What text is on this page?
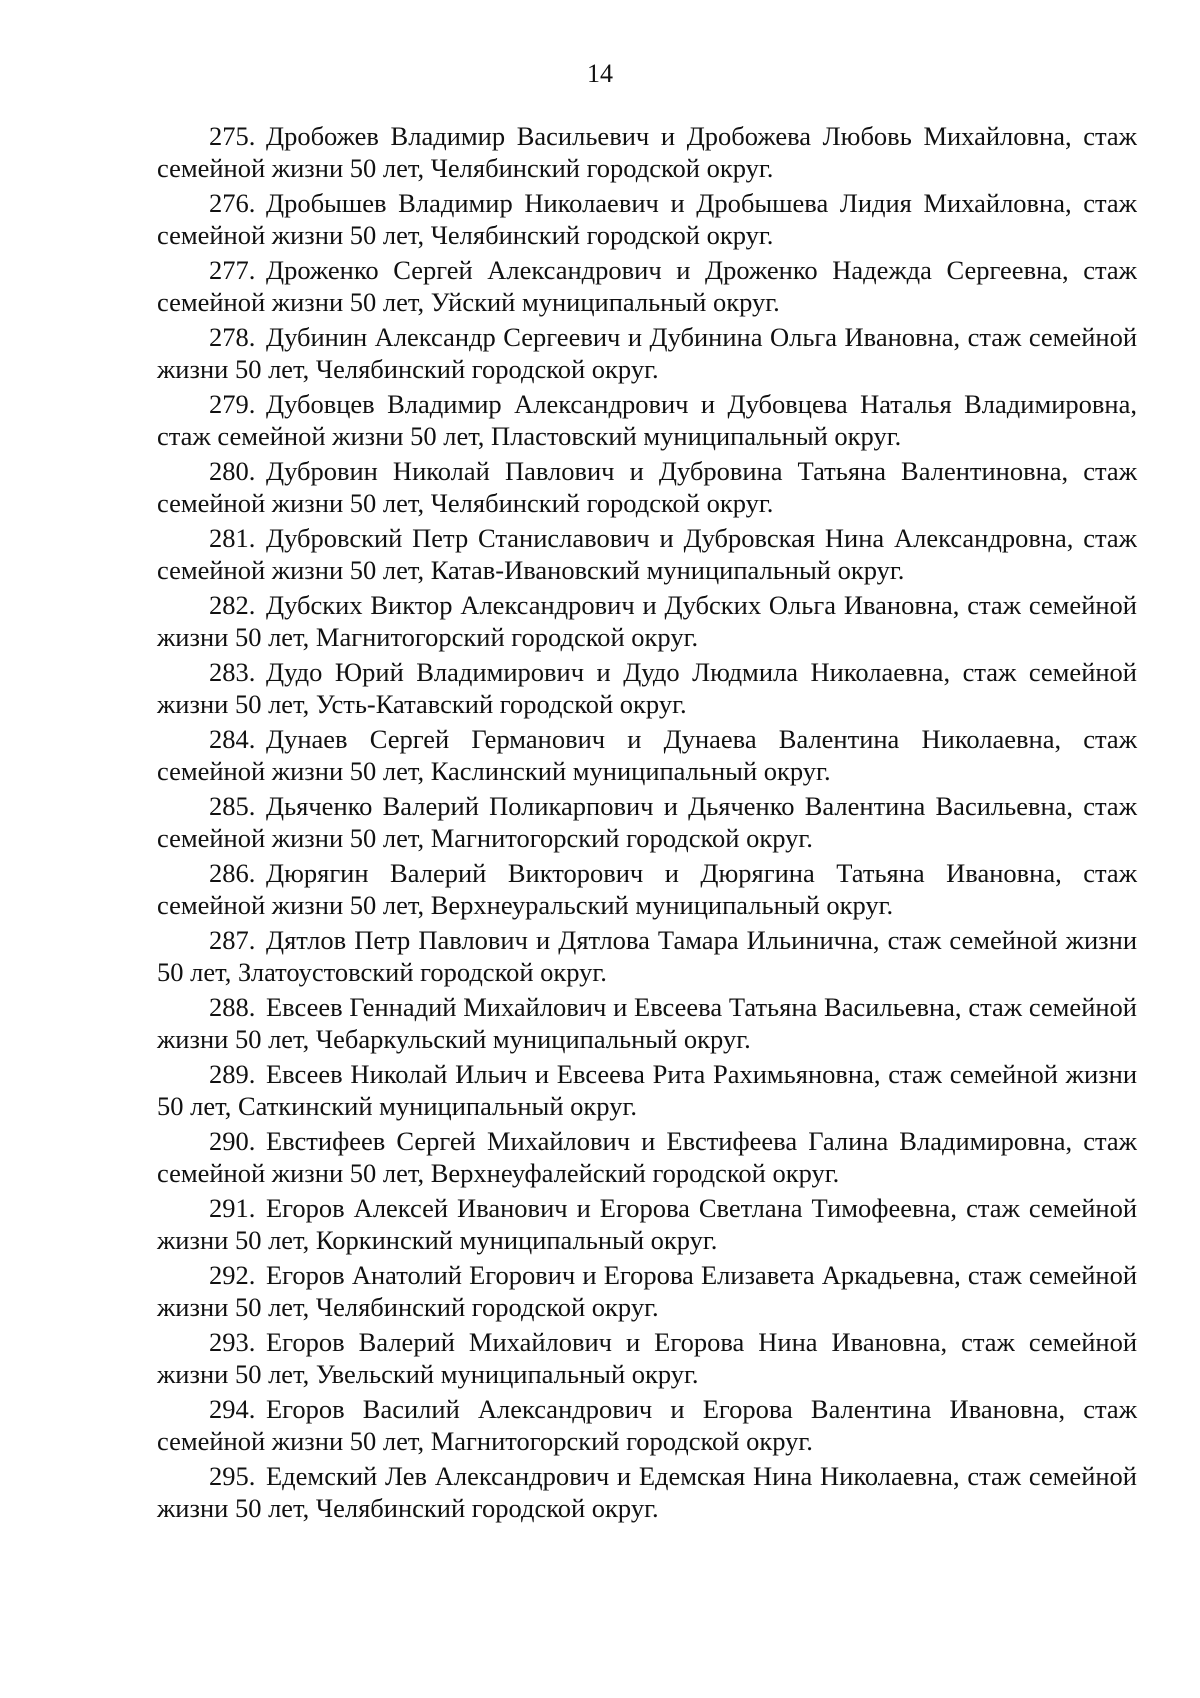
14

275. Дробожев Владимир Васильевич и Дробожева Любовь Михайловна, стаж семейной жизни 50 лет, Челябинский городской округ.

276. Дробышев Владимир Николаевич и Дробышева Лидия Михайловна, стаж семейной жизни 50 лет, Челябинский городской округ.

277. Дроженко Сергей Александрович и Дроженко Надежда Сергеевна, стаж семейной жизни 50 лет, Уйский муниципальный округ.

278. Дубинин Александр Сергеевич и Дубинина Ольга Ивановна, стаж семейной жизни 50 лет, Челябинский городской округ.

279. Дубовцев Владимир Александрович и Дубовцева Наталья Владимировна, стаж семейной жизни 50 лет, Пластовский муниципальный округ.

280. Дубровин Николай Павлович и Дубровина Татьяна Валентиновна, стаж семейной жизни 50 лет, Челябинский городской округ.

281. Дубровский Петр Станиславович и Дубровская Нина Александровна, стаж семейной жизни 50 лет, Катав-Ивановский муниципальный округ.

282. Дубских Виктор Александрович и Дубских Ольга Ивановна, стаж семейной жизни 50 лет, Магнитогорский городской округ.

283. Дудо Юрий Владимирович и Дудо Людмила Николаевна, стаж семейной жизни 50 лет, Усть-Катавский городской округ.

284. Дунаев Сергей Германович и Дунаева Валентина Николаевна, стаж семейной жизни 50 лет, Каслинский муниципальный округ.

285. Дьяченко Валерий Поликарпович и Дьяченко Валентина Васильевна, стаж семейной жизни 50 лет, Магнитогорский городской округ.

286. Дюрягин Валерий Викторович и Дюрягина Татьяна Ивановна, стаж семейной жизни 50 лет, Верхнеуральский муниципальный округ.

287. Дятлов Петр Павлович и Дятлова Тамара Ильинична, стаж семейной жизни 50 лет, Златоустовский городской округ.

288. Евсеев Геннадий Михайлович и Евсеева Татьяна Васильевна, стаж семейной жизни 50 лет, Чебаркульский муниципальный округ.

289. Евсеев Николай Ильич и Евсеева Рита Рахимьяновна, стаж семейной жизни 50 лет, Саткинский муниципальный округ.

290. Евстифеев Сергей Михайлович и Евстифеева Галина Владимировна, стаж семейной жизни 50 лет, Верхнеуфалейский городской округ.

291. Егоров Алексей Иванович и Егорова Светлана Тимофеевна, стаж семейной жизни 50 лет, Коркинский муниципальный округ.

292. Егоров Анатолий Егорович и Егорова Елизавета Аркадьевна, стаж семейной жизни 50 лет, Челябинский городской округ.

293. Егоров Валерий Михайлович и Егорова Нина Ивановна, стаж семейной жизни 50 лет, Увельский муниципальный округ.

294. Егоров Василий Александрович и Егорова Валентина Ивановна, стаж семейной жизни 50 лет, Магнитогорский городской округ.

295. Едемский Лев Александрович и Едемская Нина Николаевна, стаж семейной жизни 50 лет, Челябинский городской округ.
